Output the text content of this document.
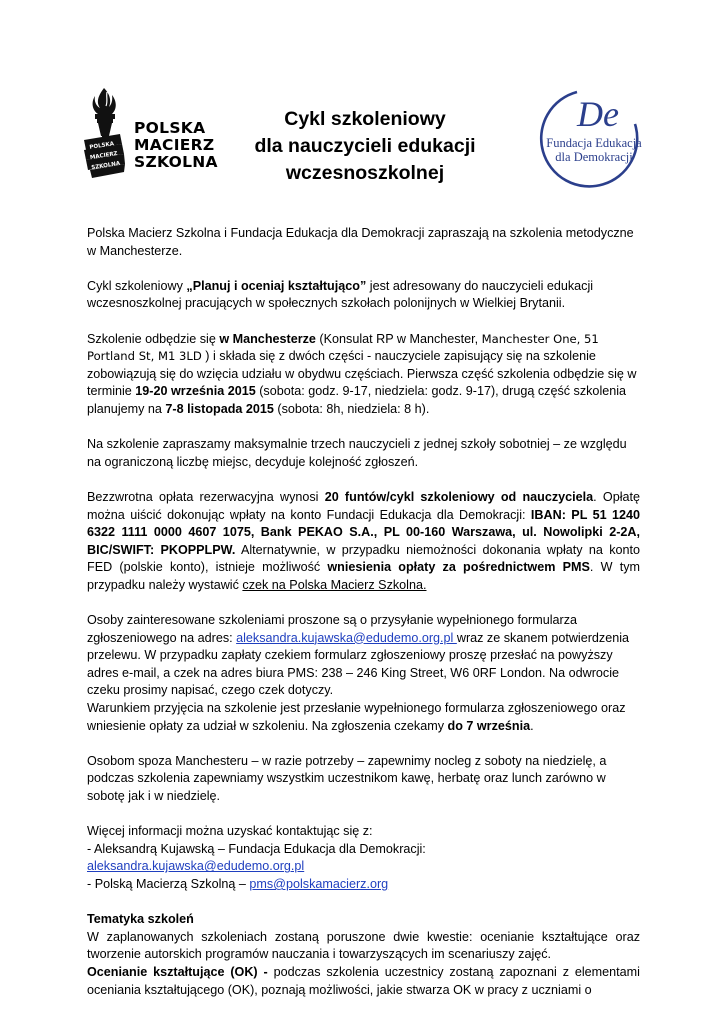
POLSKA
MACIERZ
SZKOLNA
POLSKA
MACIERZ
SZKOLNA
Cykl szkoleniowy
dla nauczycieli edukacji
wczesnoszkolnej
De
Fundacja Edukacja
dla Demokracji

Polska Macierz Szkolna i Fundacja Edukacja dla Demokracji zapraszają na szkolenia metodyczne w Manchesterze.

Cykl szkoleniowy „Planuj i oceniaj kształtująco” jest adresowany do nauczycieli edukacji wczesnoszkolnej pracujących w społecznych szkołach polonijnych w Wielkiej Brytanii.

Szkolenie odbędzie się w Manchesterze (Konsulat RP w Manchester, Manchester One, 51 Portland St, M1 3LD ) i składa się z dwóch części - nauczyciele zapisujący się na szkolenie zobowiązują się do wzięcia udziału w obydwu częściach. Pierwsza część szkolenia odbędzie się w terminie 19-20 września 2015 (sobota: godz. 9-17, niedziela: godz. 9-17), drugą część szkolenia planujemy na 7-8 listopada 2015 (sobota: 8h, niedziela: 8 h).

Na szkolenie zapraszamy maksymalnie trzech nauczycieli z jednej szkoły sobotniej – ze względu na ograniczoną liczbę miejsc, decyduje kolejność zgłoszeń.

Bezzwrotna opłata rezerwacyjna wynosi 20 funtów/cykl szkoleniowy od nauczyciela. Opłatę można uiścić dokonując wpłaty na konto Fundacji Edukacja dla Demokracji: IBAN: PL 51 1240 6322 1111 0000 4607 1075, Bank PEKAO S.A., PL 00-160 Warszawa, ul. Nowolipki 2-2A, BIC/SWIFT: PKOPPLPW. Alternatywnie, w przypadku niemożności dokonania wpłaty na konto FED (polskie konto), istnieje możliwość wniesienia opłaty za pośrednictwem PMS. W tym przypadku należy wystawić czek na Polska Macierz Szkolna.

Osoby zainteresowane szkoleniami proszone są o przysyłanie wypełnionego formularza zgłoszeniowego na adres: aleksandra.kujawska@edudemo.org.pl wraz ze skanem potwierdzenia przelewu. W przypadku zapłaty czekiem formularz zgłoszeniowy proszę przesłać na powyższy adres e-mail, a czek na adres biura PMS: 238 – 246 King Street, W6 0RF London. Na odwrocie czeku prosimy napisać, czego czek dotyczy.

Warunkiem przyjęcia na szkolenie jest przesłanie wypełnionego formularza zgłoszeniowego oraz wniesienie opłaty za udział w szkoleniu. Na zgłoszenia czekamy do 7 września.

Osobom spoza Manchesteru – w razie potrzeby – zapewnimy nocleg z soboty na niedzielę, a podczas szkolenia zapewniamy wszystkim uczestnikom kawę, herbatę oraz lunch zarówno w sobotę jak i w niedzielę.

Więcej informacji można uzyskać kontaktując się z:
- Aleksandrą Kujawską – Fundacja Edukacja dla Demokracji: aleksandra.kujawska@edudemo.org.pl
- Polską Macierzą Szkolną – pms@polskamacierz.org

Tematyka szkoleń
W zaplanowanych szkoleniach zostaną poruszone dwie kwestie: ocenianie kształtujące oraz tworzenie autorskich programów nauczania i towarzyszących im scenariuszy zajęć.
Ocenianie kształtujące (OK) - podczas szkolenia uczestnicy zostaną zapoznani z elementami oceniania kształtującego (OK), poznają możliwości, jakie stwarza OK w pracy z uczniami o
